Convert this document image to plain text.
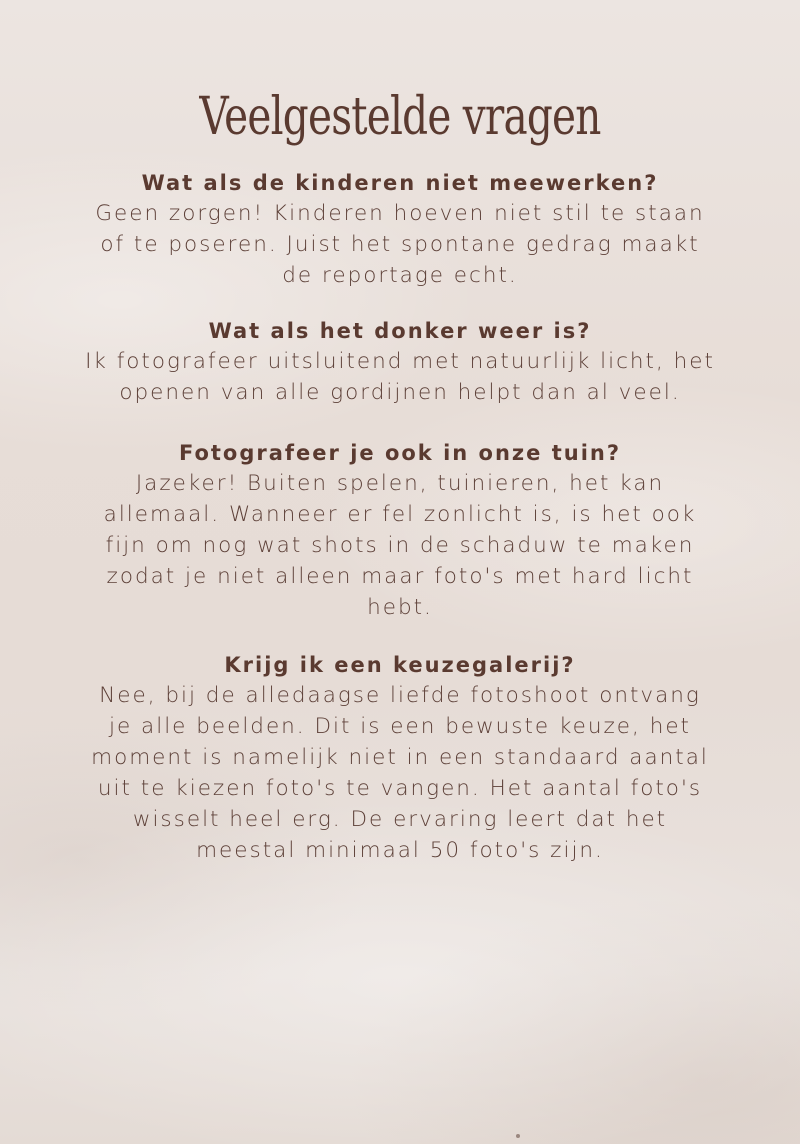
Veelgestelde vragen

Wat als de kinderen niet meewerken?

Geen zorgen! Kinderen hoeven niet stil te staan

of te poseren. Juist het spontane gedrag maakt

de reportage echt.

Wat als het donker weer is?

Ik fotografeer uitsluitend met natuurlijk licht, het

openen van alle gordijnen helpt dan al veel.

Fotografeer je ook in onze tuin?

Jazeker! Buiten spelen, tuinieren, het kan

allemaal. Wanneer er fel zonlicht is, is het ook

fijn om nog wat shots in de schaduw te maken

zodat je niet alleen maar foto's met hard licht

hebt.

Krijg ik een keuzegalerij?

Nee, bij de alledaagse liefde fotoshoot ontvang

je alle beelden. Dit is een bewuste keuze, het

moment is namelijk niet in een standaard aantal

uit te kiezen foto's te vangen. Het aantal foto's

wisselt heel erg. De ervaring leert dat het

meestal minimaal 50 foto's zijn.
